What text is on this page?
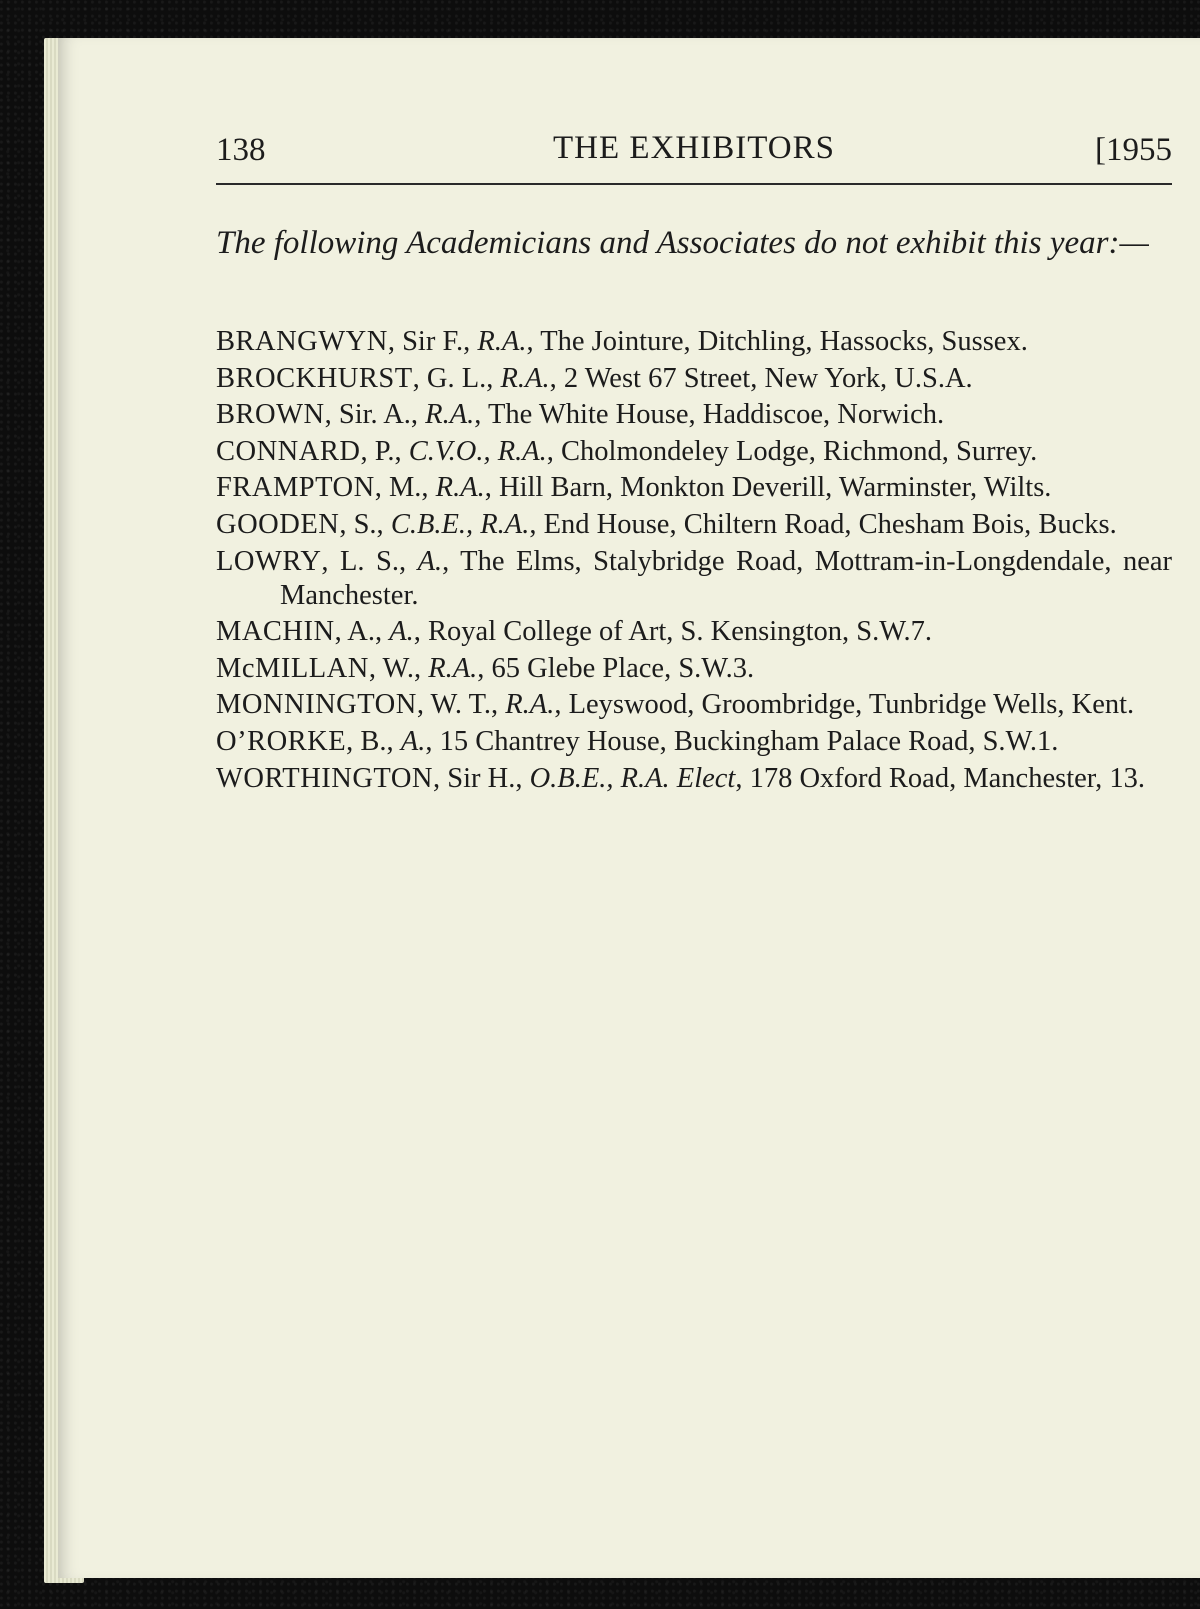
138	THE EXHIBITORS	[1955
The following Academicians and Associates do not exhibit this year:—
BRANGWYN, Sir F., R.A., The Jointure, Ditchling, Hassocks, Sussex.
BROCKHURST, G. L., R.A., 2 West 67 Street, New York, U.S.A.
BROWN, Sir. A., R.A., The White House, Haddiscoe, Norwich.
CONNARD, P., C.V.O., R.A., Cholmondeley Lodge, Richmond, Surrey.
FRAMPTON, M., R.A., Hill Barn, Monkton Deverill, Warminster, Wilts.
GOODEN, S., C.B.E., R.A., End House, Chiltern Road, Chesham Bois, Bucks.
LOWRY, L. S., A., The Elms, Stalybridge Road, Mottram-in-Longdendale, near Manchester.
MACHIN, A., A., Royal College of Art, S. Kensington, S.W.7.
McMILLAN, W., R.A., 65 Glebe Place, S.W.3.
MONNINGTON, W. T., R.A., Leyswood, Groombridge, Tunbridge Wells, Kent.
O’RORKE, B., A., 15 Chantrey House, Buckingham Palace Road, S.W.1.
WORTHINGTON, Sir H., O.B.E., R.A. Elect, 178 Oxford Road, Manchester, 13.
